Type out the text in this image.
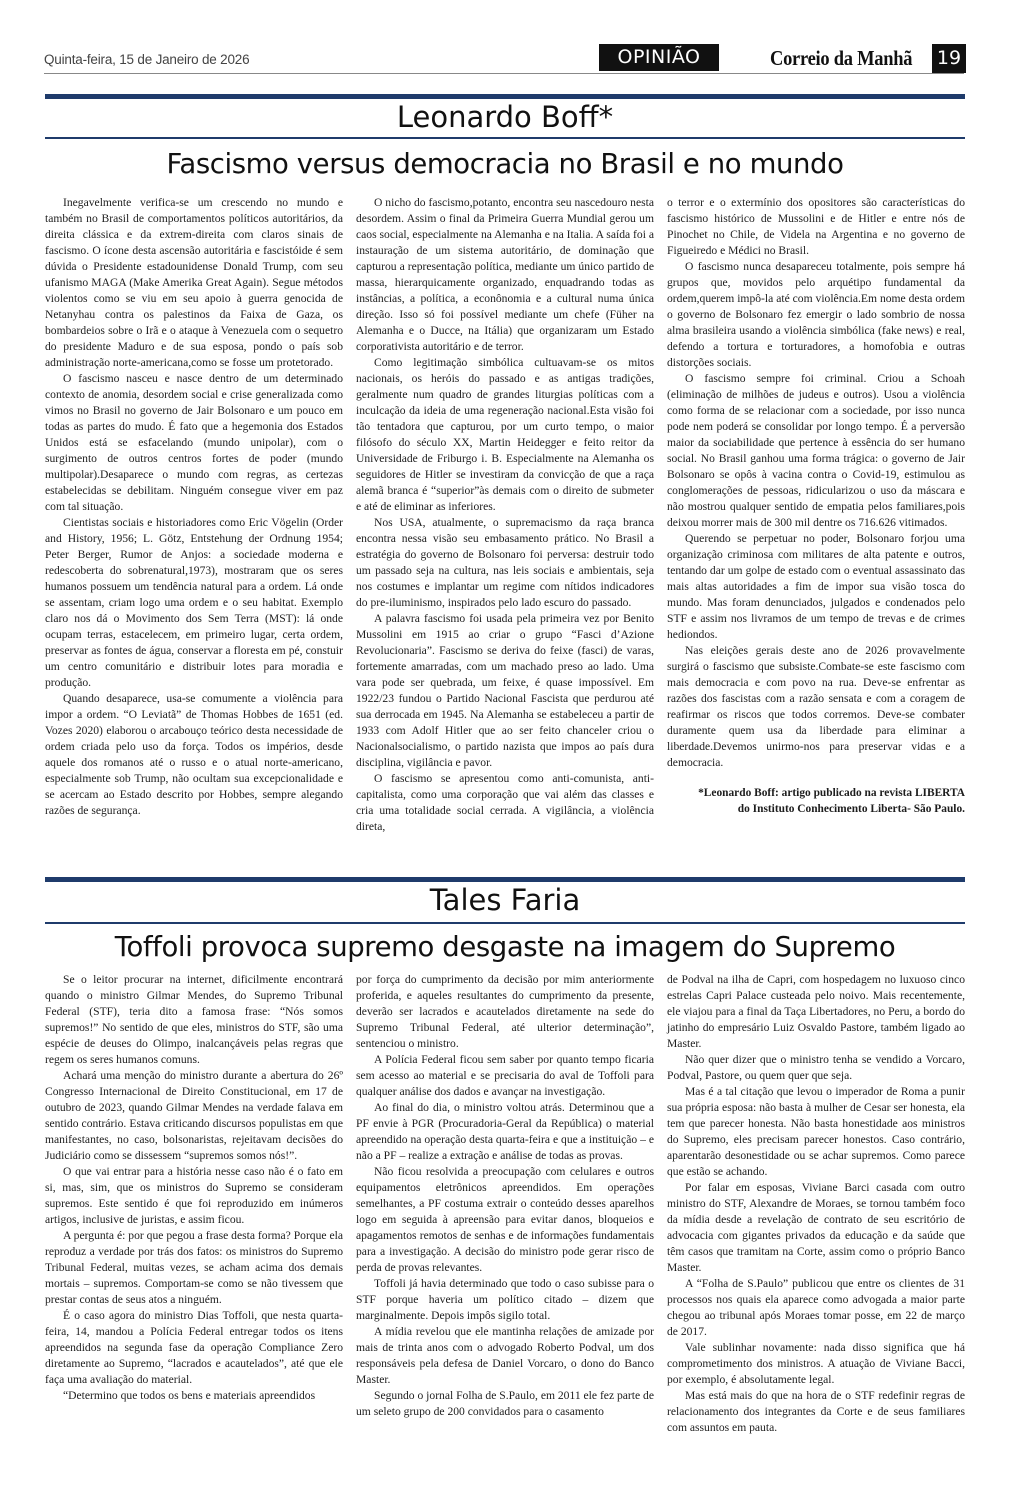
Quinta-feira, 15 de Janeiro de 2026	OPINIÃO	Correio da Manhã 19
Leonardo Boff*
Fascismo versus democracia no Brasil e no mundo

Inegavelmente verifica-se um crescendo no mundo e também no Brasil de comportamentos políticos autoritários, da direita clássica e da extrem-direita com claros sinais de fascismo. O ícone desta ascensão autoritária e fascistóide é sem dúvida o Presidente estadounidense Donald Trump, com seu ufanismo MAGA (Make Amerika Great Again). Segue métodos violentos como se viu em seu apoio à guerra genocida de Netanyhau contra os palestinos da Faixa de Gaza, os bombardeios sobre o Irã e o ataque à Venezuela com o sequetro do presidente Maduro e de sua esposa, pondo o país sob administração norte-americana,como se fosse um protetorado.

O fascismo nasceu e nasce dentro de um determinado contexto de anomia, desordem social e crise generalizada como vimos no Brasil no governo de Jair Bolsonaro e um pouco em todas as partes do mudo. É fato que a hegemonia dos Estados Unidos está se esfacelando (mundo unipolar), com o surgimento de outros centros fortes de poder (mundo multipolar).Desaparece o mundo com regras, as certezas estabelecidas se debilitam. Ninguém consegue viver em paz com tal situação.

Cientistas sociais e historiadores como Eric Vögelin (Order and History, 1956; L. Götz, Entstehung der Ordnung 1954; Peter Berger, Rumor de Anjos: a sociedade moderna e redescoberta do sobrenatural,1973), mostraram que os seres humanos possuem um tendência natural para a ordem. Lá onde se assentam, criam logo uma ordem e o seu habitat. Exemplo claro nos dá o Movimento dos Sem Terra (MST): lá onde ocupam terras, estacelecem, em primeiro lugar, certa ordem, preservar as fontes de água, conservar a floresta em pé, constuir um centro comunitário e distribuir lotes para moradia e produção.

Quando desaparece, usa-se comumente a violência para impor a ordem. “O Leviatã” de Thomas Hobbes de 1651 (ed. Vozes 2020) elaborou o arcabouço teórico desta necessidade de ordem criada pelo uso da força. Todos os impérios, desde aquele dos romanos até o russo e o atual norte-americano, especialmente sob Trump, não ocultam sua excepcionalidade e se acercam ao Estado descrito por Hobbes, sempre alegando razões de segurança.

O nicho do fascismo,potanto, encontra seu nascedouro nesta desordem. Assim o final da Primeira Guerra Mundial gerou um caos social, especialmente na Alemanha e na Italia. A saída foi a instauração de um sistema autoritário, de dominação que capturou a representação política, mediante um único partido de massa, hierarquicamente organizado, enquadrando todas as instâncias, a política, a econônomia e a cultural numa única direção. Isso só foi possível mediante um chefe (Füher na Alemanha e o Ducce, na Itália) que organizaram um Estado corporativista autoritário e de terror.

Como legitimação simbólica cultuavam-se os mitos nacionais, os heróis do passado e as antigas tradições, geralmente num quadro de grandes liturgias políticas com a inculcação da ideia de uma regeneração nacional.Esta visão foi tão tentadora que capturou, por um curto tempo, o maior filósofo do século XX, Martin Heidegger e feito reitor da Universidade de Friburgo i. B. Especialmente na Alemanha os seguidores de Hitler se investiram da convicção de que a raça alemã branca é “superior”às demais com o direito de submeter e até de eliminar as inferiores.

Nos USA, atualmente, o supremacismo da raça branca encontra nessa visão seu embasamento prático. No Brasil a estratégia do governo de Bolsonaro foi perversa: destruir todo um passado seja na cultura, nas leis sociais e ambientais, seja nos costumes e implantar um regime com nítidos indicadores do pre-iluminismo, inspirados pelo lado escuro do passado.

A palavra fascismo foi usada pela primeira vez por Benito Mussolini em 1915 ao criar o grupo “Fasci d’Azione Revolucionaria”. Fascismo se deriva do feixe (fasci) de varas, fortemente amarradas, com um machado preso ao lado. Uma vara pode ser quebrada, um feixe, é quase impossível. Em 1922/23 fundou o Partido Nacional Fascista que perdurou até sua derrocada em 1945. Na Alemanha se estabeleceu a partir de 1933 com Adolf Hitler que ao ser feito chanceler criou o Nacionalsocialismo, o partido nazista que impos ao país dura disciplina, vigilância e pavor.

O fascismo se apresentou como anti-comunista, anti-capitalista, como uma corporação que vai além das classes e cria uma totalidade social cerrada. A vigilância, a violência direta,

o terror e o extermínio dos opositores são características do fascismo histórico de Mussolini e de Hitler e entre nós de Pinochet no Chile, de Videla na Argentina e no governo de Figueiredo e Médici no Brasil.

O fascismo nunca desapareceu totalmente, pois sempre há grupos que, movidos pelo arquétipo fundamental da ordem,querem impô-la até com violência.Em nome desta ordem o governo de Bolsonaro fez emergir o lado sombrio de nossa alma brasileira usando a violência simbólica (fake news) e real, defendo a tortura e torturadores, a homofobia e outras distorções sociais.

O fascismo sempre foi criminal. Criou a Schoah (eliminação de milhões de judeus e outros). Usou a violência como forma de se relacionar com a sociedade, por isso nunca pode nem poderá se consolidar por longo tempo. É a perversão maior da sociabilidade que pertence à essência do ser humano social. No Brasil ganhou uma forma trágica: o governo de Jair Bolsonaro se opôs à vacina contra o Covid-19, estimulou as conglomerações de pessoas, ridicularizou o uso da máscara e não mostrou qualquer sentido de empatia pelos familiares,pois deixou morrer mais de 300 mil dentre os 716.626 vitimados.

Querendo se perpetuar no poder, Bolsonaro forjou uma organização criminosa com militares de alta patente e outros, tentando dar um golpe de estado com o eventual assassinato das mais altas autoridades a fim de impor sua visão tosca do mundo. Mas foram denunciados, julgados e condenados pelo STF e assim nos livramos de um tempo de trevas e de crimes hediondos.

Nas eleições gerais deste ano de 2026 provavelmente surgirá o fascismo que subsiste.Combate-se este fascismo com mais democracia e com povo na rua. Deve-se enfrentar as razões dos fascistas com a razão sensata e com a coragem de reafirmar os riscos que todos corremos. Deve-se combater duramente quem usa da liberdade para eliminar a liberdade.Devemos unirmo-nos para preservar vidas e a democracia.

*Leonardo Boff: artigo publicado na revista LIBERTA
do Instituto Conhecimento Liberta- São Paulo.
Tales Faria
Toffoli provoca supremo desgaste na imagem do Supremo

Se o leitor procurar na internet, dificilmente encontrará quando o ministro Gilmar Mendes, do Supremo Tribunal Federal (STF), teria dito a famosa frase: “Nós somos supremos!” No sentido de que eles, ministros do STF, são uma espécie de deuses do Olimpo, inalcançáveis pelas regras que regem os seres humanos comuns.

Achará uma menção do ministro durante a abertura do 26º Congresso Internacional de Direito Constitucional, em 17 de outubro de 2023, quando Gilmar Mendes na verdade falava em sentido contrário. Estava criticando discursos populistas em que manifestantes, no caso, bolsonaristas, rejeitavam decisões do Judiciário como se dissessem “supremos somos nós!”.

O que vai entrar para a história nesse caso não é o fato em si, mas, sim, que os ministros do Supremo se consideram supremos. Este sentido é que foi reproduzido em inúmeros artigos, inclusive de juristas, e assim ficou.

A pergunta é: por que pegou a frase desta forma? Porque ela reproduz a verdade por trás dos fatos: os ministros do Supremo Tribunal Federal, muitas vezes, se acham acima dos demais mortais – supremos. Comportam-se como se não tivessem que prestar contas de seus atos a ninguém.

É o caso agora do ministro Dias Toffoli, que nesta quarta-feira, 14, mandou a Polícia Federal entregar todos os itens apreendidos na segunda fase da operação Compliance Zero diretamente ao Supremo, “lacrados e acautelados”, até que ele faça uma avaliação do material.

“Determino que todos os bens e materiais apreendidos

por força do cumprimento da decisão por mim anteriormente proferida, e aqueles resultantes do cumprimento da presente, deverão ser lacrados e acautelados diretamente na sede do Supremo Tribunal Federal, até ulterior determinação”, sentenciou o ministro.

A Polícia Federal ficou sem saber por quanto tempo ficaria sem acesso ao material e se precisaria do aval de Toffoli para qualquer análise dos dados e avançar na investigação.

Ao final do dia, o ministro voltou atrás. Determinou que a PF envie à PGR (Procuradoria-Geral da República) o material apreendido na operação desta quarta-feira e que a instituição – e não a PF – realize a extração e análise de todas as provas.

Não ficou resolvida a preocupação com celulares e outros equipamentos eletrônicos apreendidos. Em operações semelhantes, a PF costuma extrair o conteúdo desses aparelhos logo em seguida à apreensão para evitar danos, bloqueios e apagamentos remotos de senhas e de informações fundamentais para a investigação. A decisão do ministro pode gerar risco de perda de provas relevantes.

Toffoli já havia determinado que todo o caso subisse para o STF porque haveria um político citado – dizem que marginalmente. Depois impôs sigilo total.

A mídia revelou que ele mantinha relações de amizade por mais de trinta anos com o advogado Roberto Podval, um dos responsáveis pela defesa de Daniel Vorcaro, o dono do Banco Master.

Segundo o jornal Folha de S.Paulo, em 2011 ele fez parte de um seleto grupo de 200 convidados para o casamento

de Podval na ilha de Capri, com hospedagem no luxuoso cinco estrelas Capri Palace custeada pelo noivo. Mais recentemente, ele viajou para a final da Taça Libertadores, no Peru, a bordo do jatinho do empresário Luiz Osvaldo Pastore, também ligado ao Master.

Não quer dizer que o ministro tenha se vendido a Vorcaro, Podval, Pastore, ou quem quer que seja.

Mas é a tal citação que levou o imperador de Roma a punir sua própria esposa: não basta à mulher de Cesar ser honesta, ela tem que parecer honesta. Não basta honestidade aos ministros do Supremo, eles precisam parecer honestos. Caso contrário, aparentarão desonestidade ou se achar supremos. Como parece que estão se achando.

Por falar em esposas, Viviane Barci casada com outro ministro do STF, Alexandre de Moraes, se tornou também foco da mídia desde a revelação de contrato de seu escritório de advocacia com gigantes privados da educação e da saúde que têm casos que tramitam na Corte, assim como o próprio Banco Master.

A “Folha de S.Paulo” publicou que entre os clientes de 31 processos nos quais ela aparece como advogada a maior parte chegou ao tribunal após Moraes tomar posse, em 22 de março de 2017.

Vale sublinhar novamente: nada disso significa que há comprometimento dos ministros. A atuação de Viviane Bacci, por exemplo, é absolutamente legal.

Mas está mais do que na hora de o STF redefinir regras de relacionamento dos integrantes da Corte e de seus familiares com assuntos em pauta.
